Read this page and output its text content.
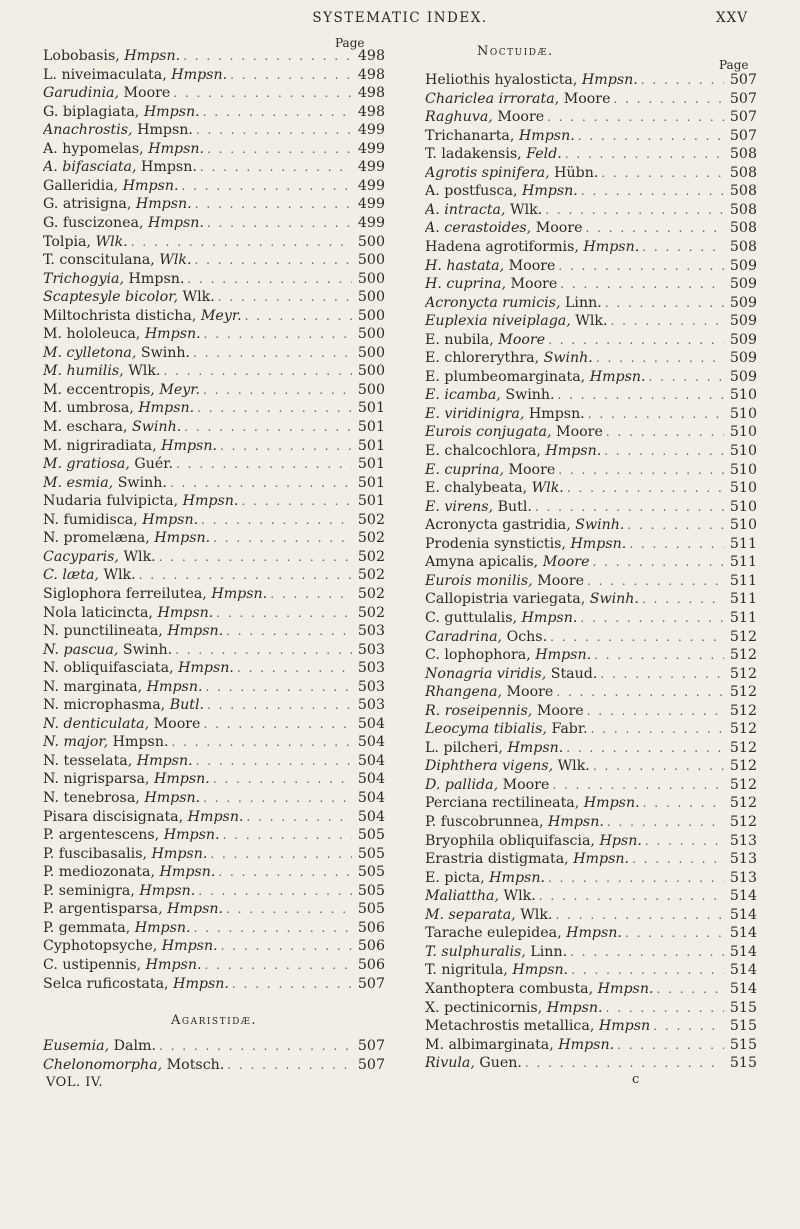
SYSTEMATIC INDEX.	XXV
Page
Lobobasis, Hmpsn. . . .	498
L. niveimaculata, Hmpsn. . . .	498
Garudinia, Moore . . .	498
G. biplagiata, Hmpsn. . . .	498
Anachrostis, Hmpsn. . . .	499
A. hypomelas, Hmpsn. . . .	499
A. bifasciata, Hmpsn. . . .	499
Galleridia, Hmpsn. . . .	499
G. atrisigna, Hmpsn. . . .	499
G. fuscizonea, Hmpsn. . . .	499
Tolpia, Wlk. . . .	500
T. conscitulana, Wlk. . . .	500
Trichogyia, Hmpsn. . . .	500
Scaptesyle bicolor, Wlk. . . .	500
Miltochrista disticha, Meyr. . . .	500
M. hololeuca, Hmpsn. . . .	500
M. cylletona, Swinh. . . .	500
M. humilis, Wlk. . . .	500
M. eccentropis, Meyr. . . .	500
M. umbrosa, Hmpsn. . . .	501
M. eschara, Swinh. . . .	501
M. nigriradiata, Hmpsn. . . .	501
M. gratiosa, Guér. . . .	501
M. esmia, Swinh. . . .	501
Nudaria fulvipicta, Hmpsn. . . .	501
N. fumidisca, Hmpsn. . . .	502
N. promelæna, Hmpsn. . . .	502
Cacyparis, Wlk. . . .	502
C. læta, Wlk. . . .	502
Siglophora ferreilutea, Hmpsn. . . .	502
Nola laticincta, Hmpsn. . . .	502
N. punctilineata, Hmpsn. . . .	503
N. pascua, Swinh. . . .	503
N. obliquifasciata, Hmpsn. . . .	503
N. marginata, Hmpsn. . . .	503
N. microphasma, Butl. . . .	503
N. denticulata, Moore . . .	504
N. major, Hmpsn. . . .	504
N. tesselata, Hmpsn. . . .	504
N. nigrisparsa, Hmpsn. . . .	504
N. tenebrosa, Hmpsn. . . .	504
Pisara discisignata, Hmpsn. . . .	504
P. argentescens, Hmpsn. . . .	505
P. fuscibasalis, Hmpsn. . . .	505
P. mediozonata, Hmpsn. . . .	505
P. seminigra, Hmpsn. . . .	505
P. argentisparsa, Hmpsn. . . .	505
P. gemmata, Hmpsn. . . .	506
Cyphotopsyche, Hmpsn. . . .	506
C. ustipennis, Hmpsn. . . .	506
Selca ruficostata, Hmpsn. . . .	507
Agaristidæ.
Eusemia, Dalm. . . .	507
Chelonomorpha, Motsch. . . .	507
VOL. IV.
Noctuidæ.
Page
Heliothis hyalosticta, Hmpsn. . . .	507
Chariclea irrorata, Moore . . .	507
Raghuva, Moore . . .	507
Trichanarta, Hmpsn. . . .	507
T. ladakensis, Feld. . . .	508
Agrotis spinifera, Hübn. . . .	508
A. postfusca, Hmpsn. . . .	508
A. intracta, Wlk. . . .	508
A. cerastoides, Moore . . .	508
Hadena agrotiformis, Hmpsn. . . .	508
H. hastata, Moore . . .	509
H. cuprina, Moore . . .	509
Acronycta rumicis, Linn. . . .	509
Euplexia niveiplaga, Wlk. . . .	509
E. nubila, Moore . . .	509
E. chlorerythra, Swinh. . . .	509
E. plumbeomarginata, Hmpsn. . . .	509
E. icamba, Swinh. . . .	510
E. viridinigra, Hmpsn. . . .	510
Eurois conjugata, Moore . . .	510
E. chalcochlora, Hmpsn. . . .	510
E. cuprina, Moore . . .	510
E. chalybeata, Wlk. . . .	510
E. virens, Butl. . . .	510
Acronycta gastridia, Swinh. . . .	510
Prodenia synstictis, Hmpsn. . . .	511
Amyna apicalis, Moore . . .	511
Eurois monilis, Moore . . .	511
Callopistria variegata, Swinh. . . .	511
C. guttulalis, Hmpsn. . . .	511
Caradrina, Ochs. . . .	512
C. lophophora, Hmpsn. . . .	512
Nonagria viridis, Staud. . . .	512
Rhangena, Moore . . .	512
R. roseipennis, Moore . . .	512
Leocyma tibialis, Fabr. . . .	512
L. pilcheri, Hmpsn. . . .	512
Diphthera vigens, Wlk. . . .	512
D. pallida, Moore . . .	512
Perciana rectilineata, Hmpsn. . . .	512
P. fuscobrunnea, Hmpsn. . . .	512
Bryophila obliquifascia, Hpsn. . . .	513
Erastria distigmata, Hmpsn. . . .	513
E. picta, Hmpsn. . . .	513
Maliattha, Wlk. . . .	514
M. separata, Wlk. . . .	514
Tarache eulepidea, Hmpsn. . . .	514
T. sulphuralis, Linn. . . .	514
T. nigritula, Hmpsn. . . .	514
Xanthoptera combusta, Hmpsn. . . .	514
X. pectinicornis, Hmpsn. . . .	515
Metachrostis metallica, Hmpsn . . .	515
M. albimarginata, Hmpsn. . . .	515
Rivula, Guen. . . .	515
c
